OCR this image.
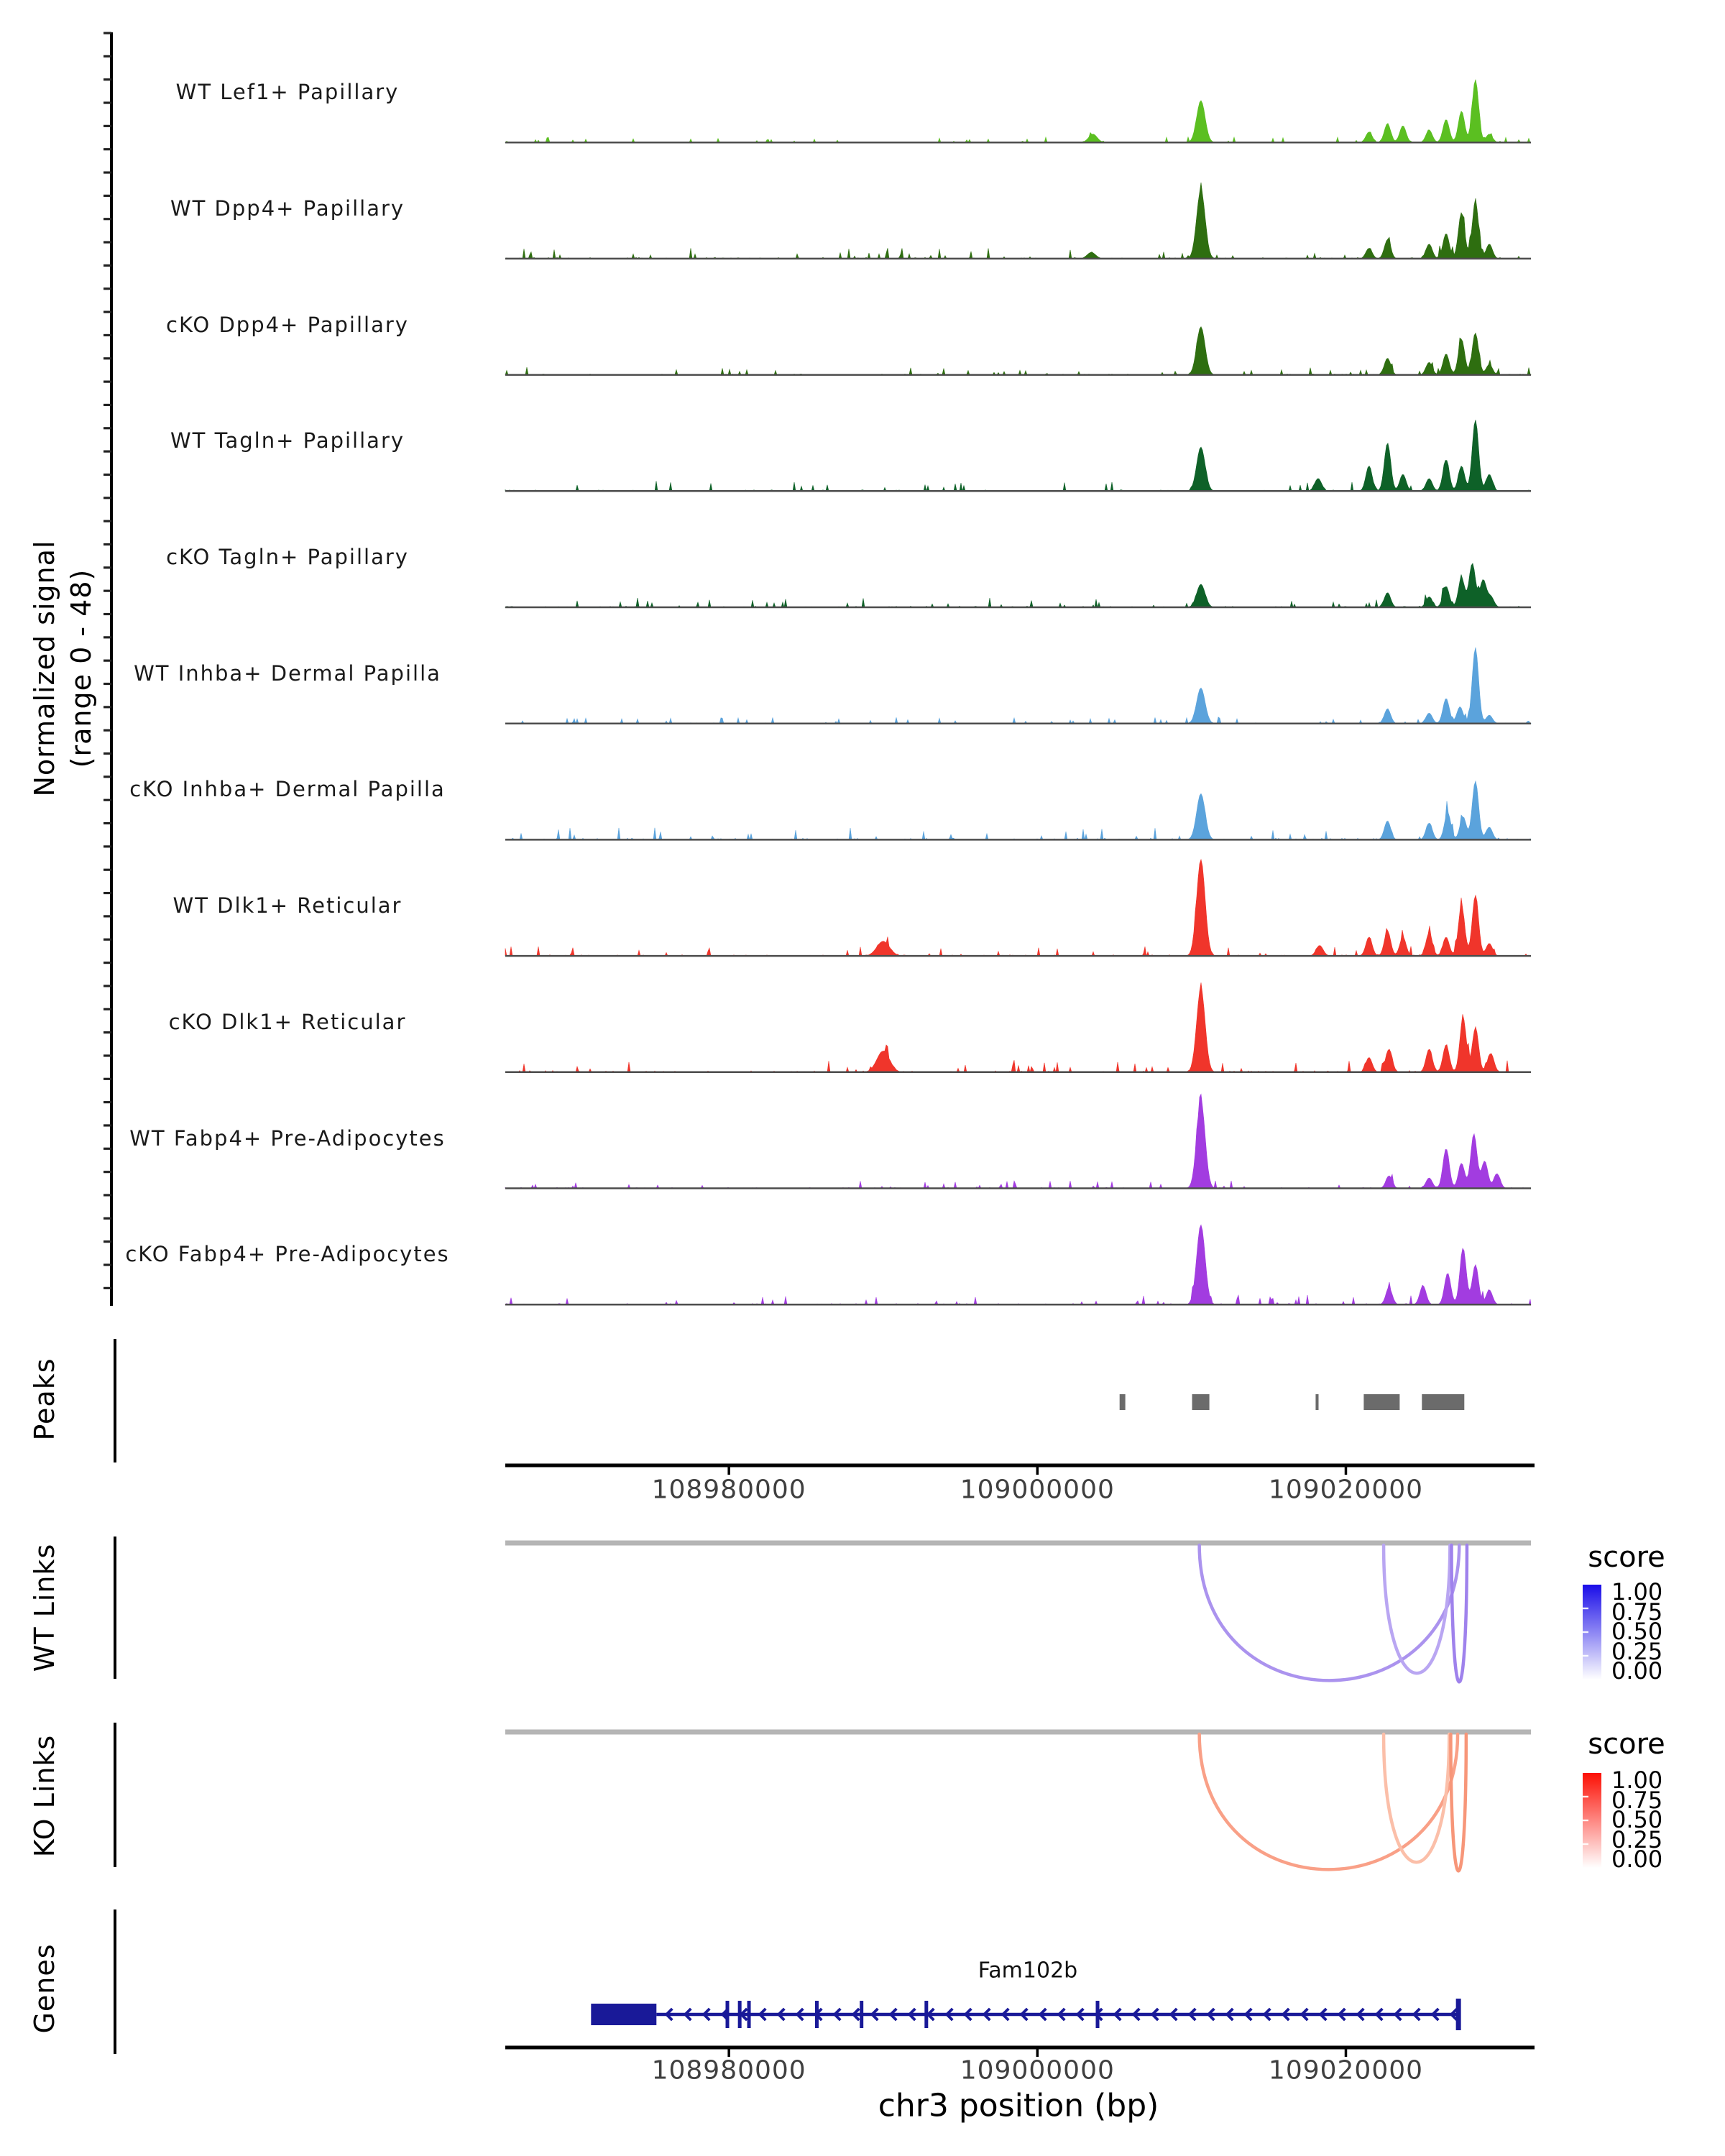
Normalized signal (range 0 - 48)
Peaks
WT Links
KO Links
Genes
score
score
Fam102b
chr3 position (bp)
WT Lef1+ Papillary
WT Dpp4+ Papillary
cKO Dpp4+ Papillary
WT Tagln+ Papillary
cKO Tagln+ Papillary
WT Inhba+ Dermal Papilla
cKO Inhba+ Dermal Papilla
WT Dlk1+ Reticular
cKO Dlk1+ Reticular
WT Fabp4+ Pre-Adipocytes
cKO Fabp4+ Pre-Adipocytes
108980000	109000000	109020000
1.00
0.75
0.50
0.25
0.00
1.00
0.75
0.50
0.25
0.00
108980000	109000000	109020000
